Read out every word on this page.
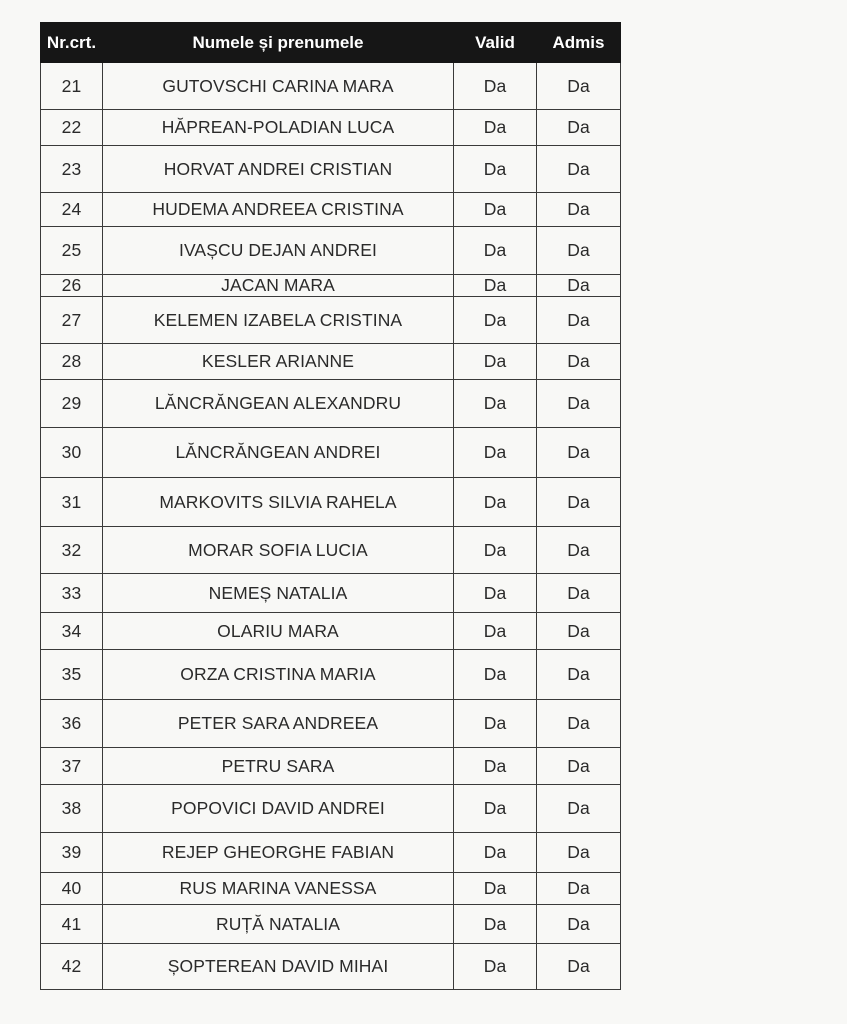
Nr.crt.	Numele și prenumele	Valid	Admis
21	GUTOVSCHI CARINA MARA	Da	Da
22	HĂPREAN-POLADIAN LUCA	Da	Da
23	HORVAT ANDREI CRISTIAN	Da	Da
24	HUDEMA ANDREEA CRISTINA	Da	Da
25	IVAȘCU DEJAN ANDREI	Da	Da
26	JACAN MARA	Da	Da
27	KELEMEN IZABELA CRISTINA	Da	Da
28	KESLER ARIANNE	Da	Da
29	LĂNCRĂNGEAN ALEXANDRU	Da	Da
30	LĂNCRĂNGEAN ANDREI	Da	Da
31	MARKOVITS SILVIA RAHELA	Da	Da
32	MORAR SOFIA LUCIA	Da	Da
33	NEMEȘ NATALIA	Da	Da
34	OLARIU MARA	Da	Da
35	ORZA CRISTINA MARIA	Da	Da
36	PETER SARA ANDREEA	Da	Da
37	PETRU SARA	Da	Da
38	POPOVICI DAVID ANDREI	Da	Da
39	REJEP GHEORGHE FABIAN	Da	Da
40	RUS MARINA VANESSA	Da	Da
41	RUȚĂ NATALIA	Da	Da
42	ȘOPTEREAN DAVID MIHAI	Da	Da
